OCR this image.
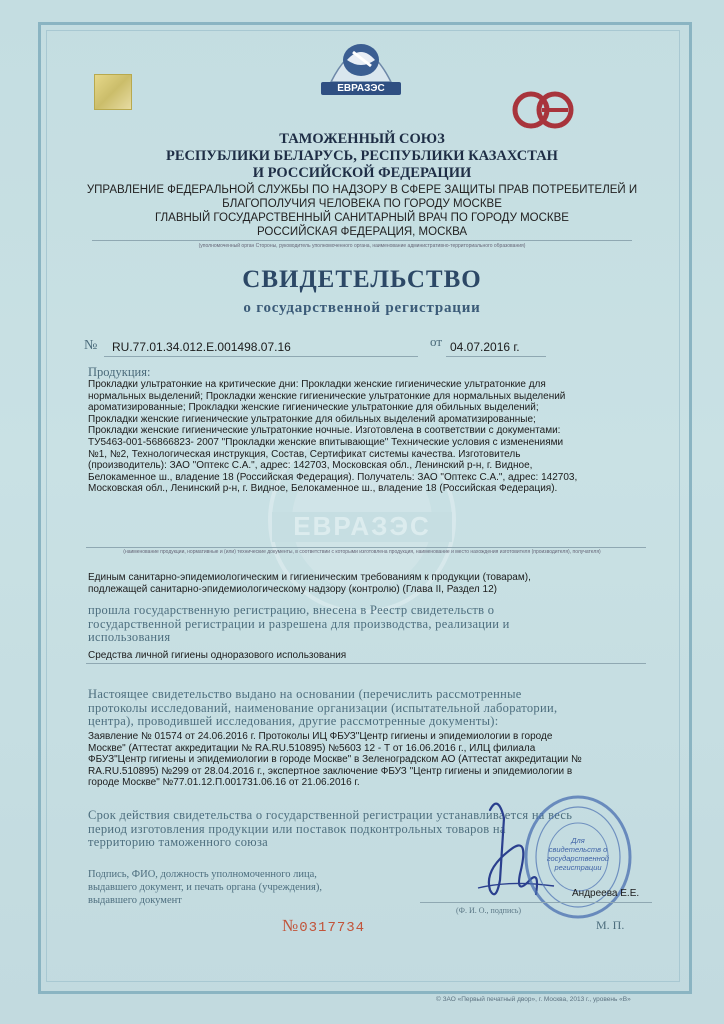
ЕВРАЗЭС
ЕВРАЗЭС
ТАМОЖЕННЫЙ СОЮЗ
РЕСПУБЛИКИ БЕЛАРУСЬ, РЕСПУБЛИКИ КАЗАХСТАН
И РОССИЙСКОЙ ФЕДЕРАЦИИ
УПРАВЛЕНИЕ ФЕДЕРАЛЬНОЙ СЛУЖБЫ ПО НАДЗОРУ В СФЕРЕ ЗАЩИТЫ ПРАВ ПОТРЕБИТЕЛЕЙ И
БЛАГОПОЛУЧИЯ ЧЕЛОВЕКА ПО ГОРОДУ МОСКВЕ
ГЛАВНЫЙ ГОСУДАРСТВЕННЫЙ САНИТАРНЫЙ ВРАЧ ПО ГОРОДУ МОСКВЕ
РОССИЙСКАЯ ФЕДЕРАЦИЯ, МОСКВА
(уполномоченный орган Стороны, руководитель уполномоченного органа, наименование административно-территориального образования)
СВИДЕТЕЛЬСТВО
о государственной регистрации
№ RU.77.01.34.012.E.001498.07.16	от 04.07.2016 г.
Продукция:
Прокладки ультратонкие на критические дни: Прокладки женские гигиенические ультратонкие для
нормальных выделений; Прокладки женские гигиенические ультратонкие для нормальных выделений
ароматизированные; Прокладки женские гигиенические ультратонкие для обильных выделений;
Прокладки женские гигиенические ультратонкие для обильных выделений ароматизированные;
Прокладки женские гигиенические ультратонкие ночные. Изготовлена в соответствии с документами:
ТУ5463-001-56866823- 2007 "Прокладки женские впитывающие" Технические условия с изменениями
№1, №2, Технологическая инструкция, Состав, Сертификат системы качества. Изготовитель
(производитель): ЗАО "Оптекс С.А.", адрес: 142703, Московская обл., Ленинский р-н, г. Видное,
Белокаменное ш., владение 18 (Российская Федерация). Получатель: ЗАО "Оптекс С.А.", адрес: 142703,
Московская обл., Ленинский р-н, г. Видное, Белокаменное ш., владение 18 (Российская Федерация).
(наименование продукции, нормативные и (или) технические документы, в соответствии с которыми изготовлена продукция, наименование и место нахождения изготовителя (производителя), получателя)
Единым санитарно-эпидемиологическим и гигиеническим требованиям к продукции (товарам),
подлежащей санитарно-эпидемиологическому надзору (контролю) (Глава II, Раздел 12)
прошла государственную регистрацию, внесена в Реестр свидетельств о
государственной регистрации и разрешена для производства, реализации и
использования
Средства личной гигиены одноразового использования
Настоящее свидетельство выдано на основании (перечислить рассмотренные
протоколы исследований, наименование организации (испытательной лаборатории,
центра), проводившей исследования, другие рассмотренные документы):
Заявление № 01574 от 24.06.2016 г. Протоколы ИЦ ФБУЗ"Центр гигиены и эпидемиологии в городе
Москве" (Аттестат аккредитации № RA.RU.510895) №5603 12 - Т от 16.06.2016 г., ИЛЦ филиала
ФБУЗ"Центр гигиены и эпидемиологии в городе Москве" в Зеленоградском АО (Аттестат аккредитации №
RA.RU.510895) №299 от 28.04.2016 г., экспертное заключение ФБУЗ "Центр гигиены и эпидемиологии в
городе Москве" №77.01.12.П.001731.06.16 от 21.06.2016 г.
Срок действия свидетельства о государственной регистрации устанавливается на весь
период изготовления продукции или поставок подконтрольных товаров на
территорию таможенного союза
Подпись, ФИО, должность уполномоченного лица,
выдавшего документ, и печать органа (учреждения),
выдавшего документ
Для
свидетельств о
государственной
регистрации
Андреева Е.Е.
(Ф. И. О., подпись)
М. П.
№0317734
© ЗАО «Первый печатный двор», г. Москва, 2013 г., уровень «В»
